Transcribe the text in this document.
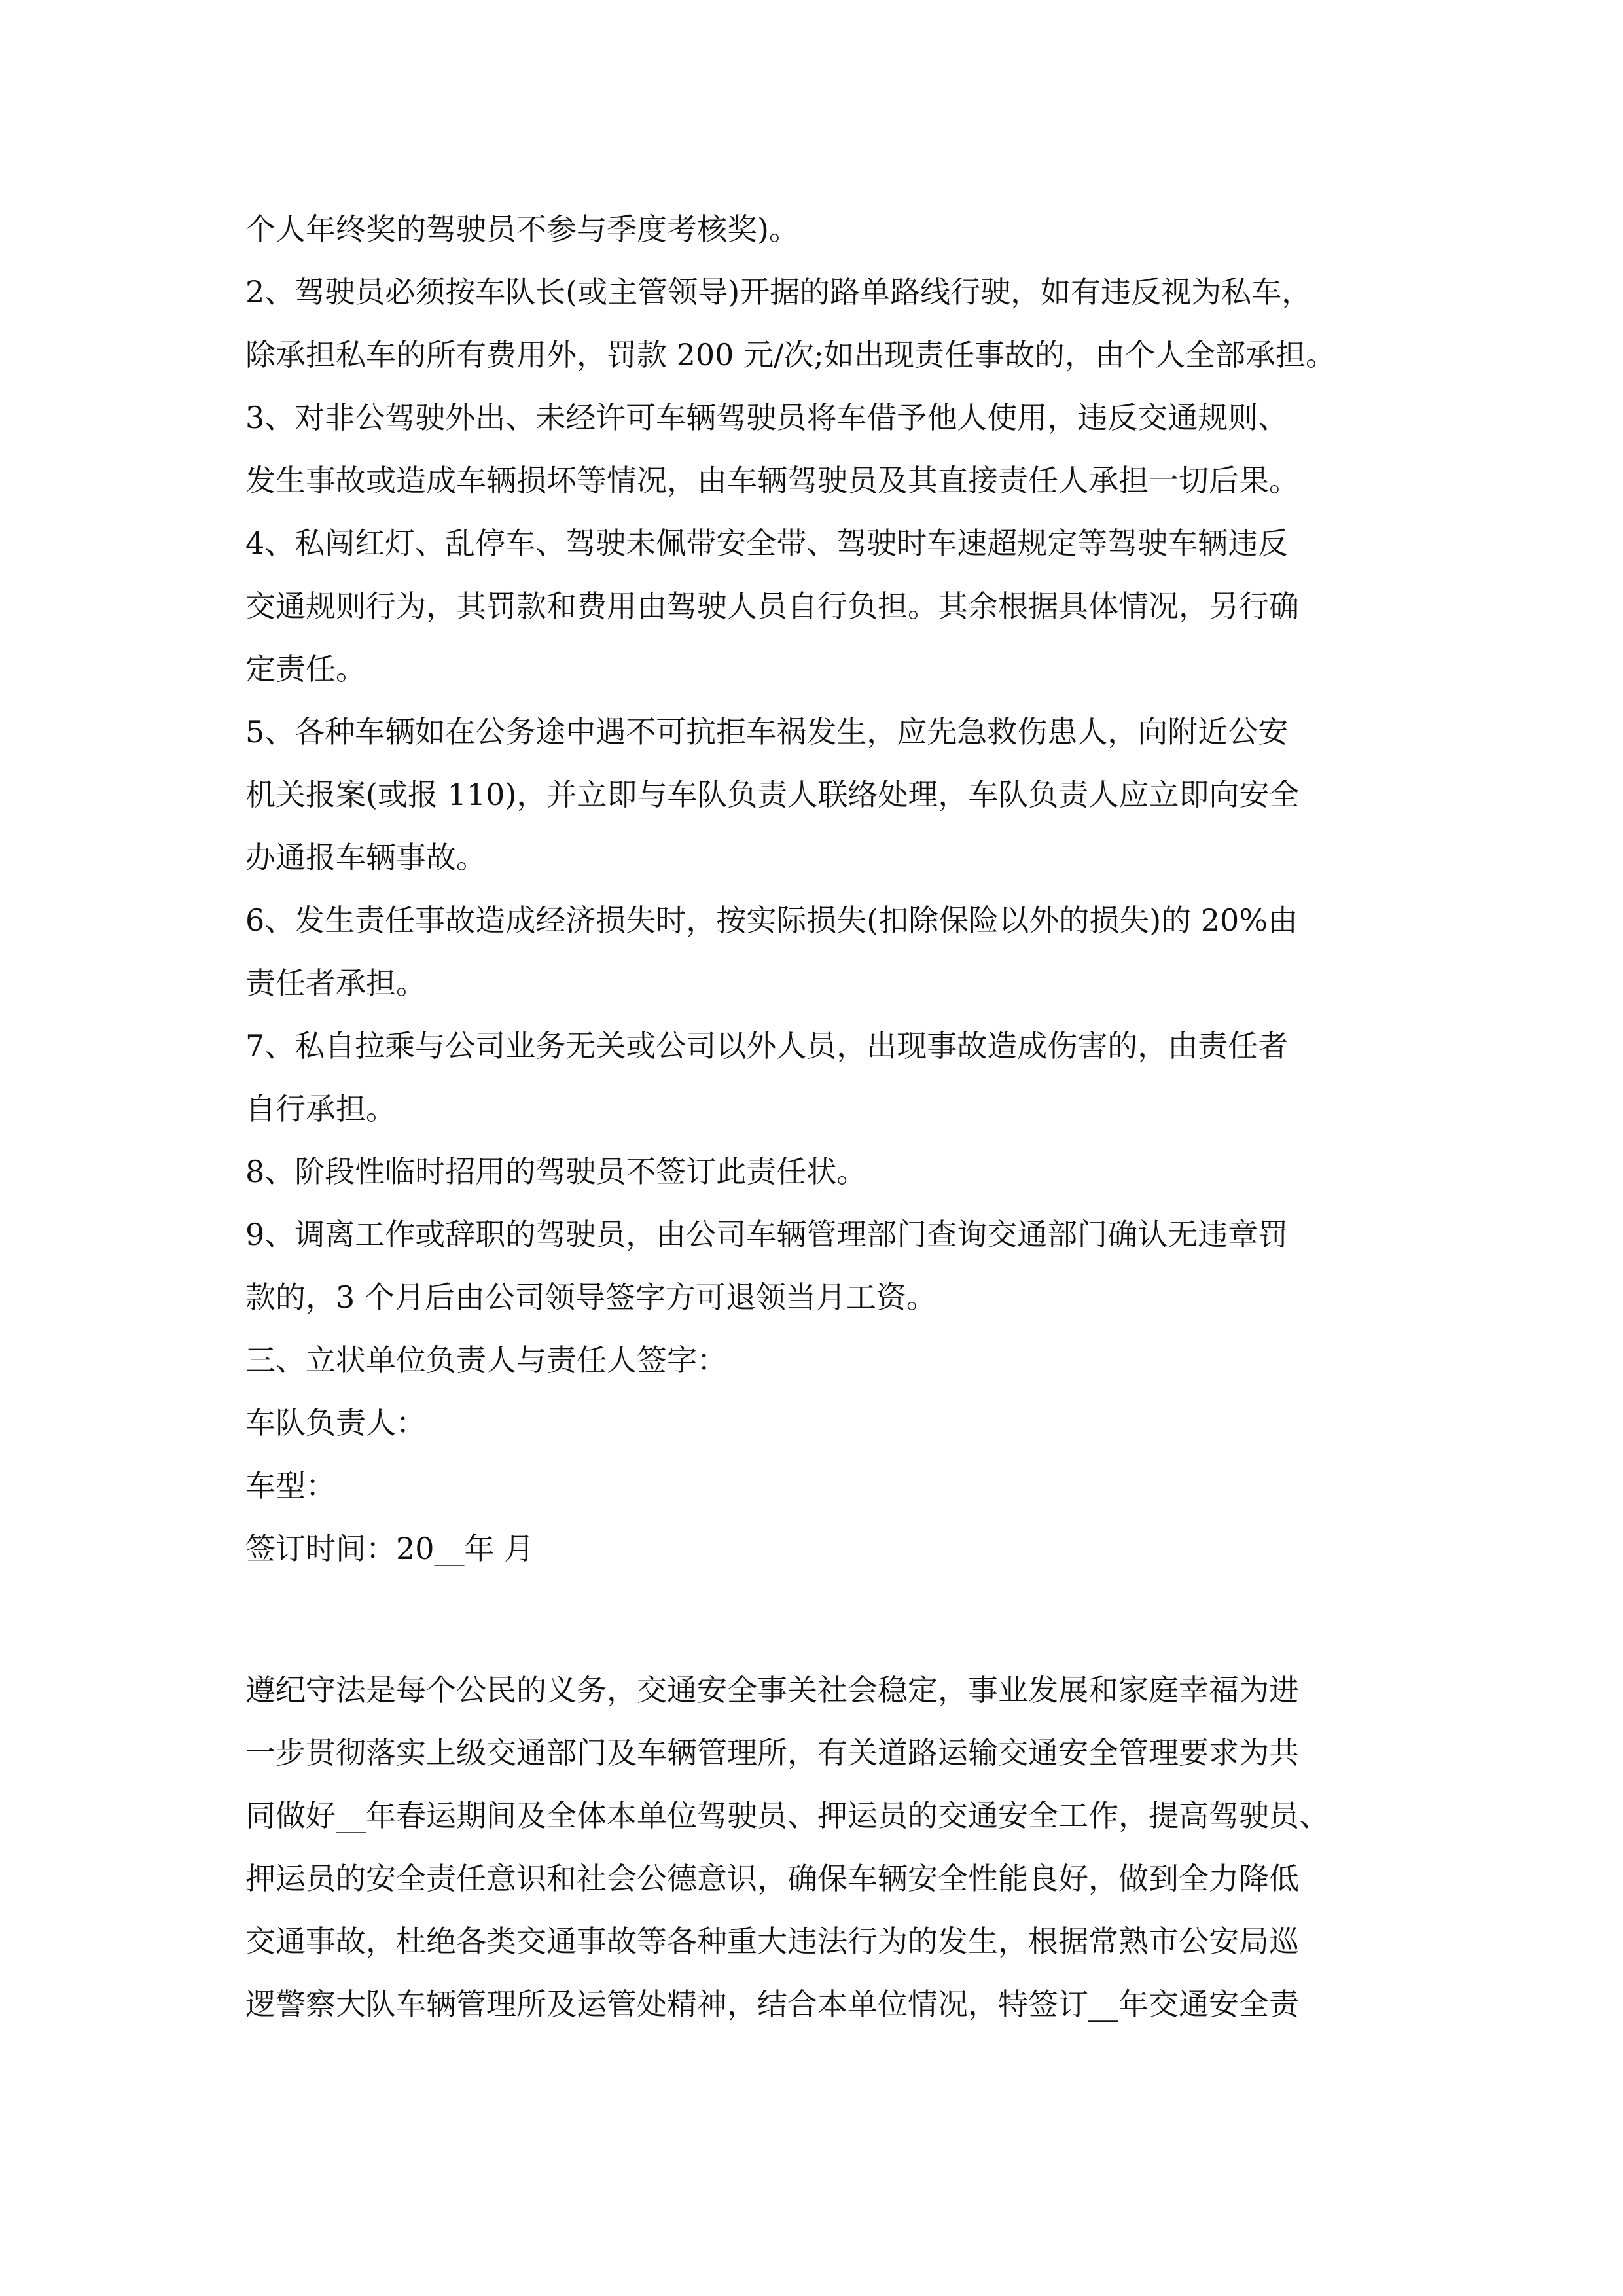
个人年终奖的驾驶员不参与季度考核奖)。
2、驾驶员必须按车队长(或主管领导)开据的路单路线行驶，如有违反视为私车，
除承担私车的所有费用外，罚款 200 元/次;如出现责任事故的，由个人全部承担。
3、对非公驾驶外出、未经许可车辆驾驶员将车借予他人使用，违反交通规则、
发生事故或造成车辆损坏等情况，由车辆驾驶员及其直接责任人承担一切后果。
4、私闯红灯、乱停车、驾驶未佩带安全带、驾驶时车速超规定等驾驶车辆违反
交通规则行为，其罚款和费用由驾驶人员自行负担。其余根据具体情况，另行确
定责任。
5、各种车辆如在公务途中遇不可抗拒车祸发生，应先急救伤患人，向附近公安
机关报案(或报 110)，并立即与车队负责人联络处理，车队负责人应立即向安全
办通报车辆事故。
6、发生责任事故造成经济损失时，按实际损失(扣除保险以外的损失)的 20%由
责任者承担。
7、私自拉乘与公司业务无关或公司以外人员，出现事故造成伤害的，由责任者
自行承担。
8、阶段性临时招用的驾驶员不签订此责任状。
9、调离工作或辞职的驾驶员，由公司车辆管理部门查询交通部门确认无违章罚
款的，3 个月后由公司领导签字方可退领当月工资。
三、立状单位负责人与责任人签字：
车队负责人：
车型：
签订时间：20__年 月
遵纪守法是每个公民的义务，交通安全事关社会稳定，事业发展和家庭幸福为进
一步贯彻落实上级交通部门及车辆管理所，有关道路运输交通安全管理要求为共
同做好__年春运期间及全体本单位驾驶员、押运员的交通安全工作，提高驾驶员、
押运员的安全责任意识和社会公德意识，确保车辆安全性能良好，做到全力降低
交通事故，杜绝各类交通事故等各种重大违法行为的发生，根据常熟市公安局巡
逻警察大队车辆管理所及运管处精神，结合本单位情况，特签订__年交通安全责
